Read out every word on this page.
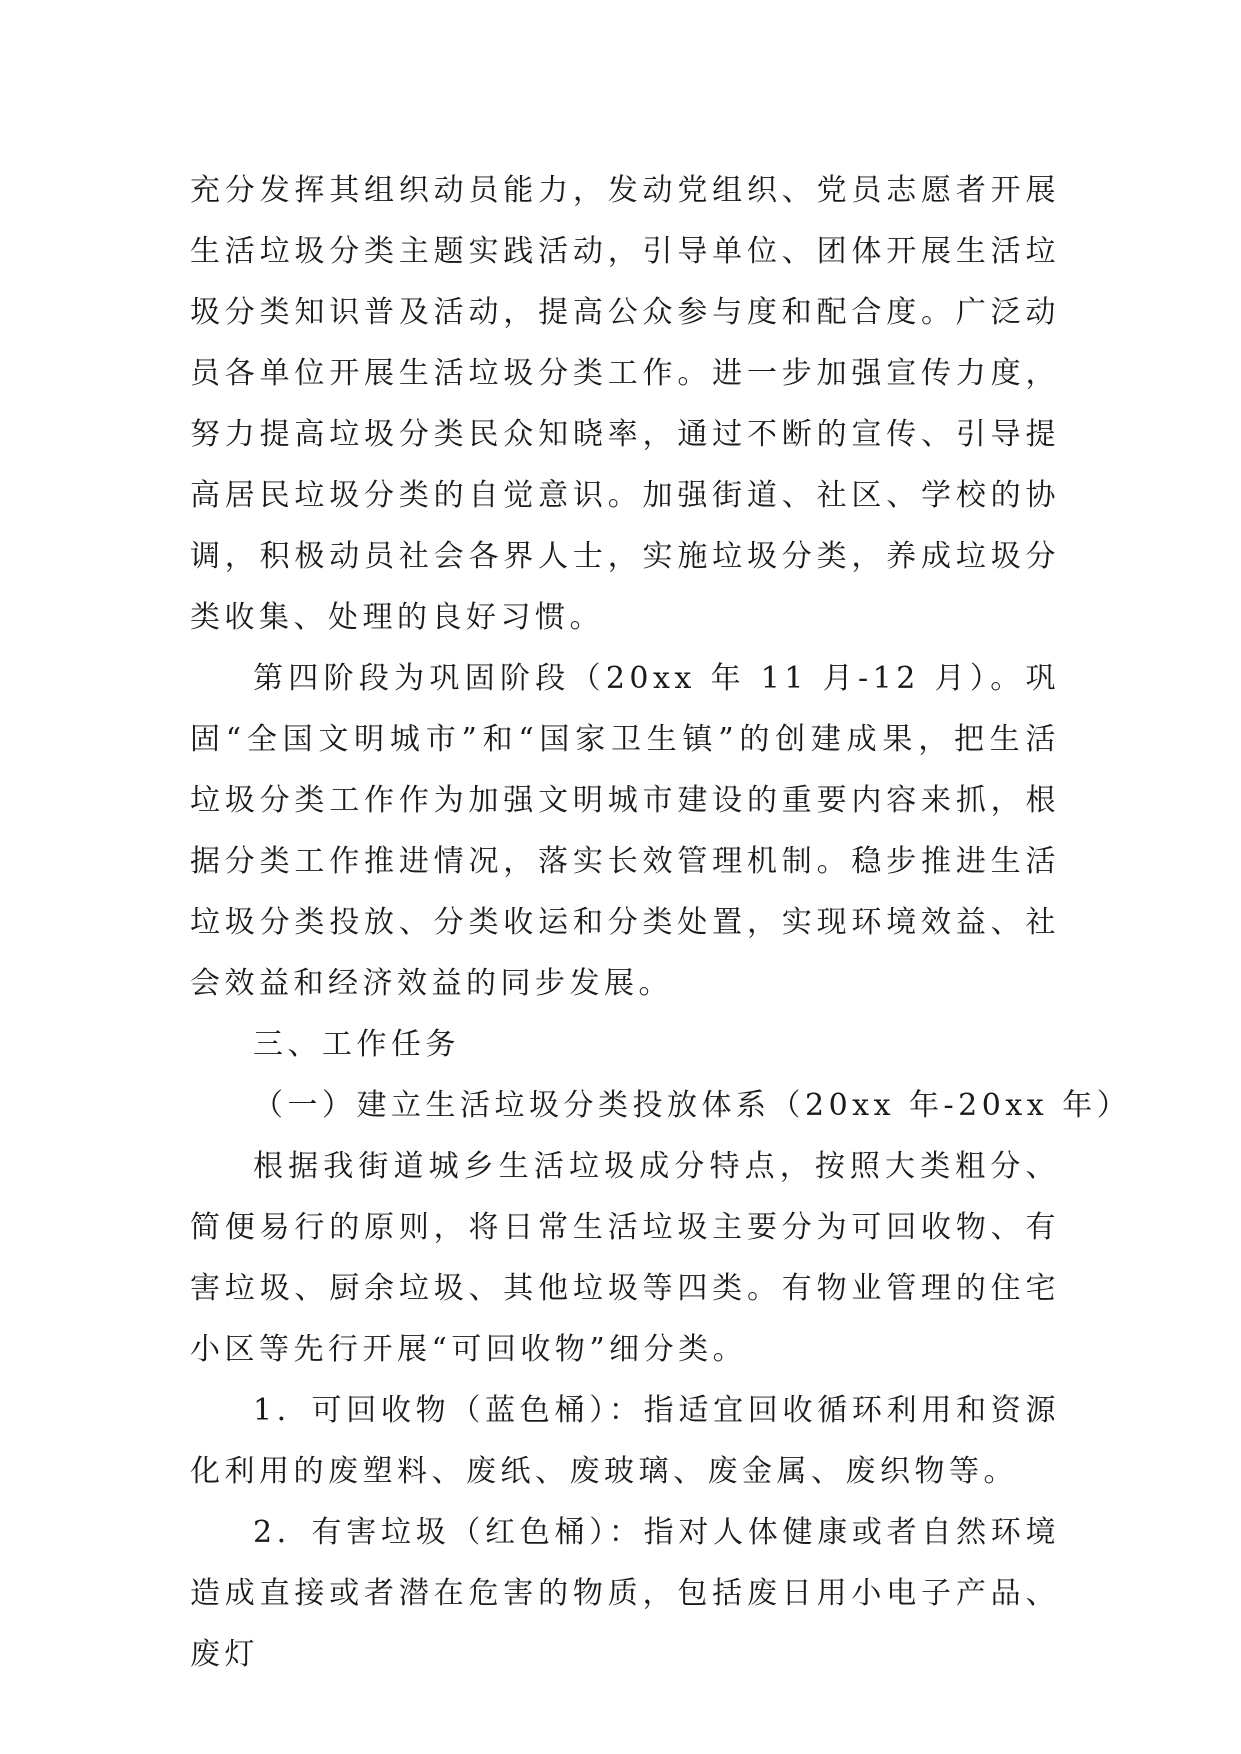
充分发挥其组织动员能力，发动党组织、党员志愿者开展生活垃圾分类主题实践活动，引导单位、团体开展生活垃圾分类知识普及活动，提高公众参与度和配合度。广泛动员各单位开展生活垃圾分类工作。进一步加强宣传力度，努力提高垃圾分类民众知晓率，通过不断的宣传、引导提高居民垃圾分类的自觉意识。加强街道、社区、学校的协调，积极动员社会各界人士，实施垃圾分类，养成垃圾分类收集、处理的良好习惯。

第四阶段为巩固阶段（20xx 年 11 月-12 月）。巩固“全国文明城市”和“国家卫生镇”的创建成果，把生活垃圾分类工作作为加强文明城市建设的重要内容来抓，根据分类工作推进情况，落实长效管理机制。稳步推进生活垃圾分类投放、分类收运和分类处置，实现环境效益、社会效益和经济效益的同步发展。

三、工作任务

（一）建立生活垃圾分类投放体系（20xx 年-20xx 年）

根据我街道城乡生活垃圾成分特点，按照大类粗分、简便易行的原则，将日常生活垃圾主要分为可回收物、有害垃圾、厨余垃圾、其他垃圾等四类。有物业管理的住宅小区等先行开展“可回收物”细分类。

1．可回收物（蓝色桶）：指适宜回收循环利用和资源化利用的废塑料、废纸、废玻璃、废金属、废织物等。

2．有害垃圾（红色桶）：指对人体健康或者自然环境造成直接或者潜在危害的物质，包括废日用小电子产品、废灯
